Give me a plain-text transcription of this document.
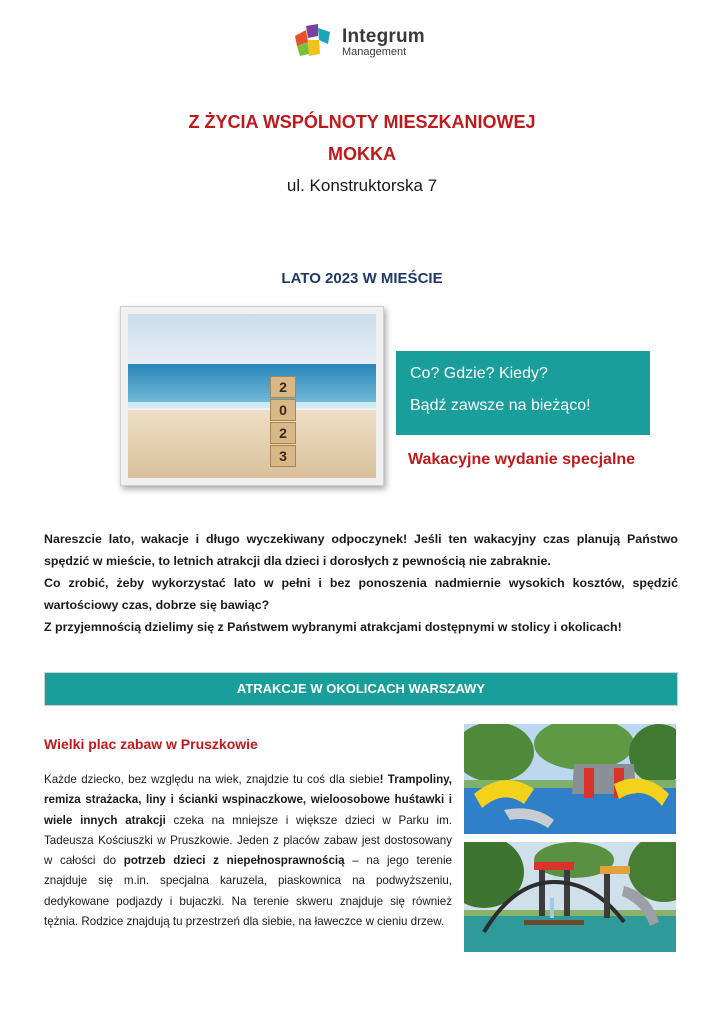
Integrum
Management
Z ŻYCIA WSPÓLNOTY MIESZKANIOWEJ
MOKKA
ul. Konstruktorska 7
LATO 2023 W MIEŚCIE
2
0
2
3
Co? Gdzie? Kiedy?
Bądź zawsze na bieżąco!
Wakacyjne wydanie specjalne

Nareszcie lato, wakacje i długo wyczekiwany odpoczynek! Jeśli ten wakacyjny czas planują Państwo spędzić w mieście, to letnich atrakcji dla dzieci i dorosłych z pewnością nie zabraknie.

Co zrobić, żeby wykorzystać lato w pełni i bez ponoszenia nadmiernie wysokich kosztów, spędzić wartościowy czas, dobrze się bawiąc?

Z przyjemnością dzielimy się z Państwem wybranymi atrakcjami dostępnymi w stolicy i okolicach!

ATRAKCJE W OKOLICACH WARSZAWY
Wielki plac zabaw w Pruszkowie
Każde dziecko, bez względu na wiek, znajdzie tu coś dla siebie! Trampoliny, remiza strażacka, liny i ścianki wspinaczkowe, wieloosobowe huśtawki i wiele innych atrakcji czeka na mniejsze i większe dzieci w Parku im. Tadeusza Kościuszki w Pruszkowie. Jeden z placów zabaw jest dostosowany w całości do potrzeb dzieci z niepełnosprawnością – na jego terenie znajduje się m.in. specjalna karuzela, piaskownica na podwyższeniu, dedykowane podjazdy i bujaczki. Na terenie skweru znajduje się również tężnia. Rodzice znajdują tu przestrzeń dla siebie, na ławeczce w cieniu drzew.
